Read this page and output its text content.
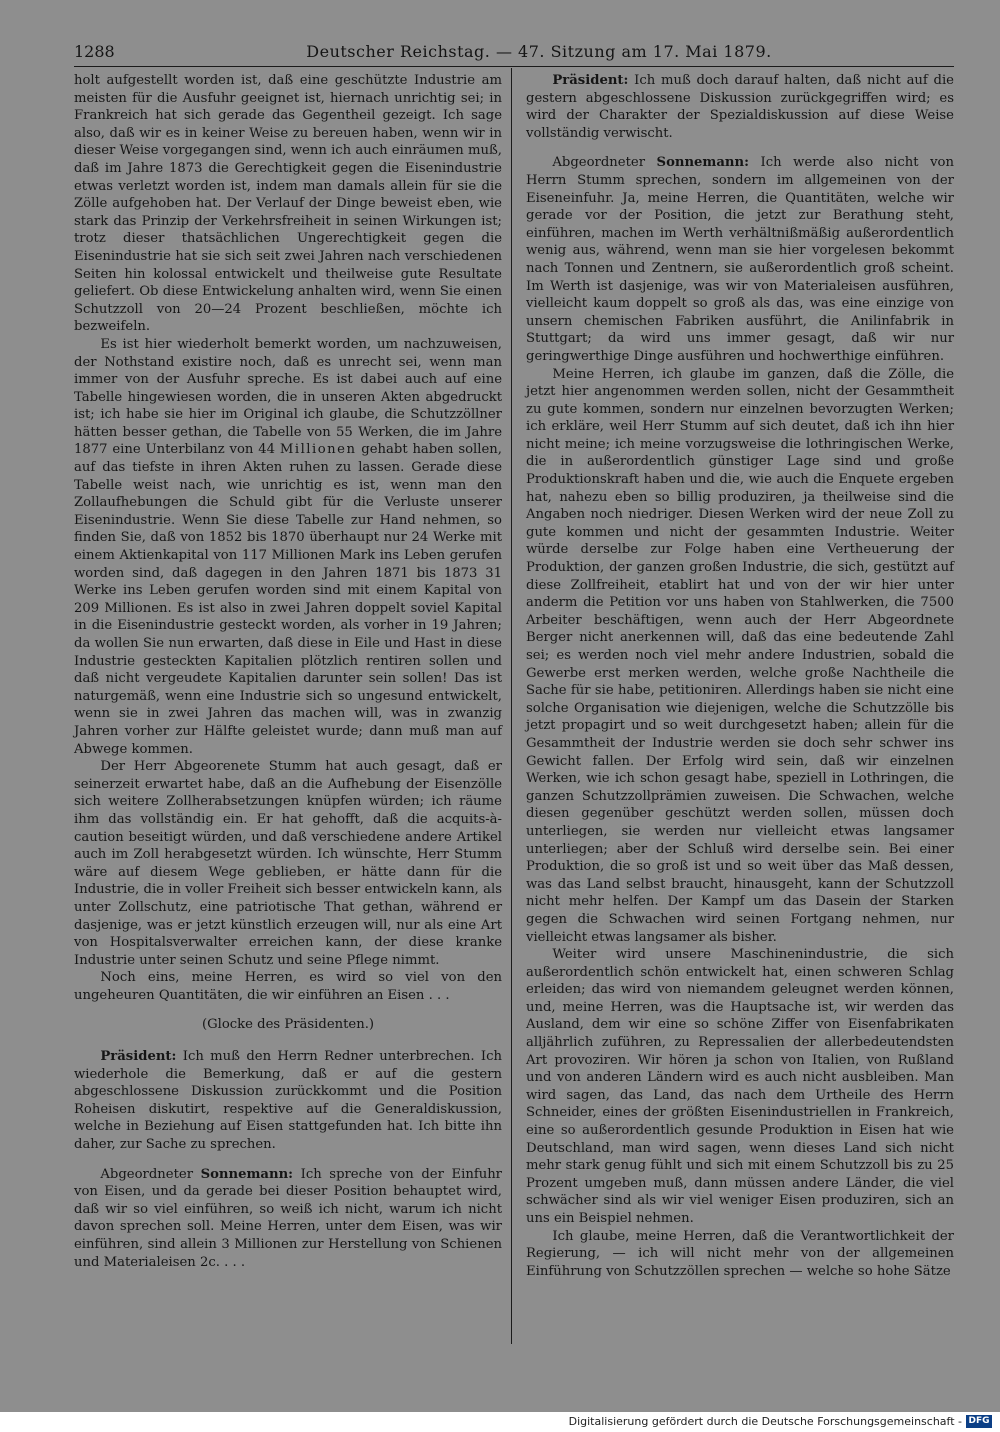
1288	Deutscher Reichstag. — 47. Sitzung am 17. Mai 1879.

holt aufgestellt worden ist, daß eine geschützte Industrie am meisten für die Ausfuhr geeignet ist, hiernach unrichtig sei; in Frankreich hat sich gerade das Gegentheil gezeigt. Ich sage also, daß wir es in keiner Weise zu bereuen haben, wenn wir in dieser Weise vorgegangen sind, wenn ich auch einräumen muß, daß im Jahre 1873 die Gerechtigkeit gegen die Eisenindustrie etwas verletzt worden ist, indem man damals allein für sie die Zölle aufgehoben hat. Der Verlauf der Dinge beweist eben, wie stark das Prinzip der Verkehrsfreiheit in seinen Wirkungen ist; trotz dieser thatsächlichen Ungerechtigkeit gegen die Eisenindustrie hat sie sich seit zwei Jahren nach verschiedenen Seiten hin kolossal entwickelt und theilweise gute Resultate geliefert. Ob diese Entwickelung anhalten wird, wenn Sie einen Schutzzoll von 20—24 Prozent beschließen, möchte ich bezweifeln.

Es ist hier wiederholt bemerkt worden, um nachzuweisen, der Nothstand existire noch, daß es unrecht sei, wenn man immer von der Ausfuhr spreche. Es ist dabei auch auf eine Tabelle hingewiesen worden, die in unseren Akten abgedruckt ist; ich habe sie hier im Original ich glaube, die Schutzzöllner hätten besser gethan, die Tabelle von 55 Werken, die im Jahre 1877 eine Unterbilanz von 44 Millionen gehabt haben sollen, auf das tiefste in ihren Akten ruhen zu lassen. Gerade diese Tabelle weist nach, wie unrichtig es ist, wenn man den Zollaufhebungen die Schuld gibt für die Verluste unserer Eisenindustrie. Wenn Sie diese Tabelle zur Hand nehmen, so finden Sie, daß von 1852 bis 1870 überhaupt nur 24 Werke mit einem Aktienkapital von 117 Millionen Mark ins Leben gerufen worden sind, daß dagegen in den Jahren 1871 bis 1873 31 Werke ins Leben gerufen worden sind mit einem Kapital von 209 Millionen. Es ist also in zwei Jahren doppelt soviel Kapital in die Eisenindustrie gesteckt worden, als vorher in 19 Jahren; da wollen Sie nun erwarten, daß diese in Eile und Hast in diese Industrie gesteckten Kapitalien plötzlich rentiren sollen und daß nicht vergeudete Kapitalien darunter sein sollen! Das ist naturgemäß, wenn eine Industrie sich so ungesund entwickelt, wenn sie in zwei Jahren das machen will, was in zwanzig Jahren vorher zur Hälfte geleistet wurde; dann muß man auf Abwege kommen.

Der Herr Abgeorenete Stumm hat auch gesagt, daß er seinerzeit erwartet habe, daß an die Aufhebung der Eisenzölle sich weitere Zollherabsetzungen knüpfen würden; ich räume ihm das vollständig ein. Er hat gehofft, daß die acquits-à-caution beseitigt würden, und daß verschiedene andere Artikel auch im Zoll herabgesetzt würden. Ich wünschte, Herr Stumm wäre auf diesem Wege geblieben, er hätte dann für die Industrie, die in voller Freiheit sich besser entwickeln kann, als unter Zollschutz, eine patriotische That gethan, während er dasjenige, was er jetzt künstlich erzeugen will, nur als eine Art von Hospitalsverwalter erreichen kann, der diese kranke Industrie unter seinen Schutz und seine Pflege nimmt.

Noch eins, meine Herren, es wird so viel von den ungeheuren Quantitäten, die wir einführen an Eisen . . .

(Glocke des Präsidenten.)

Präsident: Ich muß den Herrn Redner unterbrechen. Ich wiederhole die Bemerkung, daß er auf die gestern abgeschlossene Diskussion zurückkommt und die Position Roheisen diskutirt, respektive auf die Generaldiskussion, welche in Beziehung auf Eisen stattgefunden hat. Ich bitte ihn daher, zur Sache zu sprechen.

Abgeordneter Sonnemann: Ich spreche von der Einfuhr von Eisen, und da gerade bei dieser Position behauptet wird, daß wir so viel einführen, so weiß ich nicht, warum ich nicht davon sprechen soll. Meine Herren, unter dem Eisen, was wir einführen, sind allein 3 Millionen zur Herstellung von Schienen und Materialeisen 2c. . . .

Präsident: Ich muß doch darauf halten, daß nicht auf die gestern abgeschlossene Diskussion zurückgegriffen wird; es wird der Charakter der Spezialdiskussion auf diese Weise vollständig verwischt.

Abgeordneter Sonnemann: Ich werde also nicht von Herrn Stumm sprechen, sondern im allgemeinen von der Eiseneinfuhr. Ja, meine Herren, die Quantitäten, welche wir gerade vor der Position, die jetzt zur Berathung steht, einführen, machen im Werth verhältnißmäßig außerordentlich wenig aus, während, wenn man sie hier vorgelesen bekommt nach Tonnen und Zentnern, sie außerordentlich groß scheint. Im Werth ist dasjenige, was wir von Materialeisen ausführen, vielleicht kaum doppelt so groß als das, was eine einzige von unsern chemischen Fabriken ausführt, die Anilinfabrik in Stuttgart; da wird uns immer gesagt, daß wir nur geringwerthige Dinge ausführen und hochwerthige einführen.

Meine Herren, ich glaube im ganzen, daß die Zölle, die jetzt hier angenommen werden sollen, nicht der Gesammtheit zu gute kommen, sondern nur einzelnen bevorzugten Werken; ich erkläre, weil Herr Stumm auf sich deutet, daß ich ihn hier nicht meine; ich meine vorzugsweise die lothringischen Werke, die in außerordentlich günstiger Lage sind und große Produktionskraft haben und die, wie auch die Enquete ergeben hat, nahezu eben so billig produziren, ja theilweise sind die Angaben noch niedriger. Diesen Werken wird der neue Zoll zu gute kommen und nicht der gesammten Industrie. Weiter würde derselbe zur Folge haben eine Vertheuerung der Produktion, der ganzen großen Industrie, die sich, gestützt auf diese Zollfreiheit, etablirt hat und von der wir hier unter anderm die Petition vor uns haben von Stahlwerken, die 7500 Arbeiter beschäftigen, wenn auch der Herr Abgeordnete Berger nicht anerkennen will, daß das eine bedeutende Zahl sei; es werden noch viel mehr andere Industrien, sobald die Gewerbe erst merken werden, welche große Nachtheile die Sache für sie habe, petitioniren. Allerdings haben sie nicht eine solche Organisation wie diejenigen, welche die Schutzzölle bis jetzt propagirt und so weit durchgesetzt haben; allein für die Gesammtheit der Industrie werden sie doch sehr schwer ins Gewicht fallen. Der Erfolg wird sein, daß wir einzelnen Werken, wie ich schon gesagt habe, speziell in Lothringen, die ganzen Schutzzollprämien zuweisen. Die Schwachen, welche diesen gegenüber geschützt werden sollen, müssen doch unterliegen, sie werden nur vielleicht etwas langsamer unterliegen; aber der Schluß wird derselbe sein. Bei einer Produktion, die so groß ist und so weit über das Maß dessen, was das Land selbst braucht, hinausgeht, kann der Schutzzoll nicht mehr helfen. Der Kampf um das Dasein der Starken gegen die Schwachen wird seinen Fortgang nehmen, nur vielleicht etwas langsamer als bisher.

Weiter wird unsere Maschinenindustrie, die sich außerordentlich schön entwickelt hat, einen schweren Schlag erleiden; das wird von niemandem geleugnet werden können, und, meine Herren, was die Hauptsache ist, wir werden das Ausland, dem wir eine so schöne Ziffer von Eisenfabrikaten alljährlich zuführen, zu Repressalien der allerbedeutendsten Art provoziren. Wir hören ja schon von Italien, von Rußland und von anderen Ländern wird es auch nicht ausbleiben. Man wird sagen, das Land, das nach dem Urtheile des Herrn Schneider, eines der größten Eisenindustriellen in Frankreich, eine so außerordentlich gesunde Produktion in Eisen hat wie Deutschland, man wird sagen, wenn dieses Land sich nicht mehr stark genug fühlt und sich mit einem Schutzzoll bis zu 25 Prozent umgeben muß, dann müssen andere Länder, die viel schwächer sind als wir viel weniger Eisen produziren, sich an uns ein Beispiel nehmen.

Ich glaube, meine Herren, daß die Verantwortlichkeit der Regierung, — ich will nicht mehr von der allgemeinen Einführung von Schutzzöllen sprechen — welche so hohe Sätze

Digitalisierung gefördert durch die Deutsche Forschungsgemeinschaft - DFG
